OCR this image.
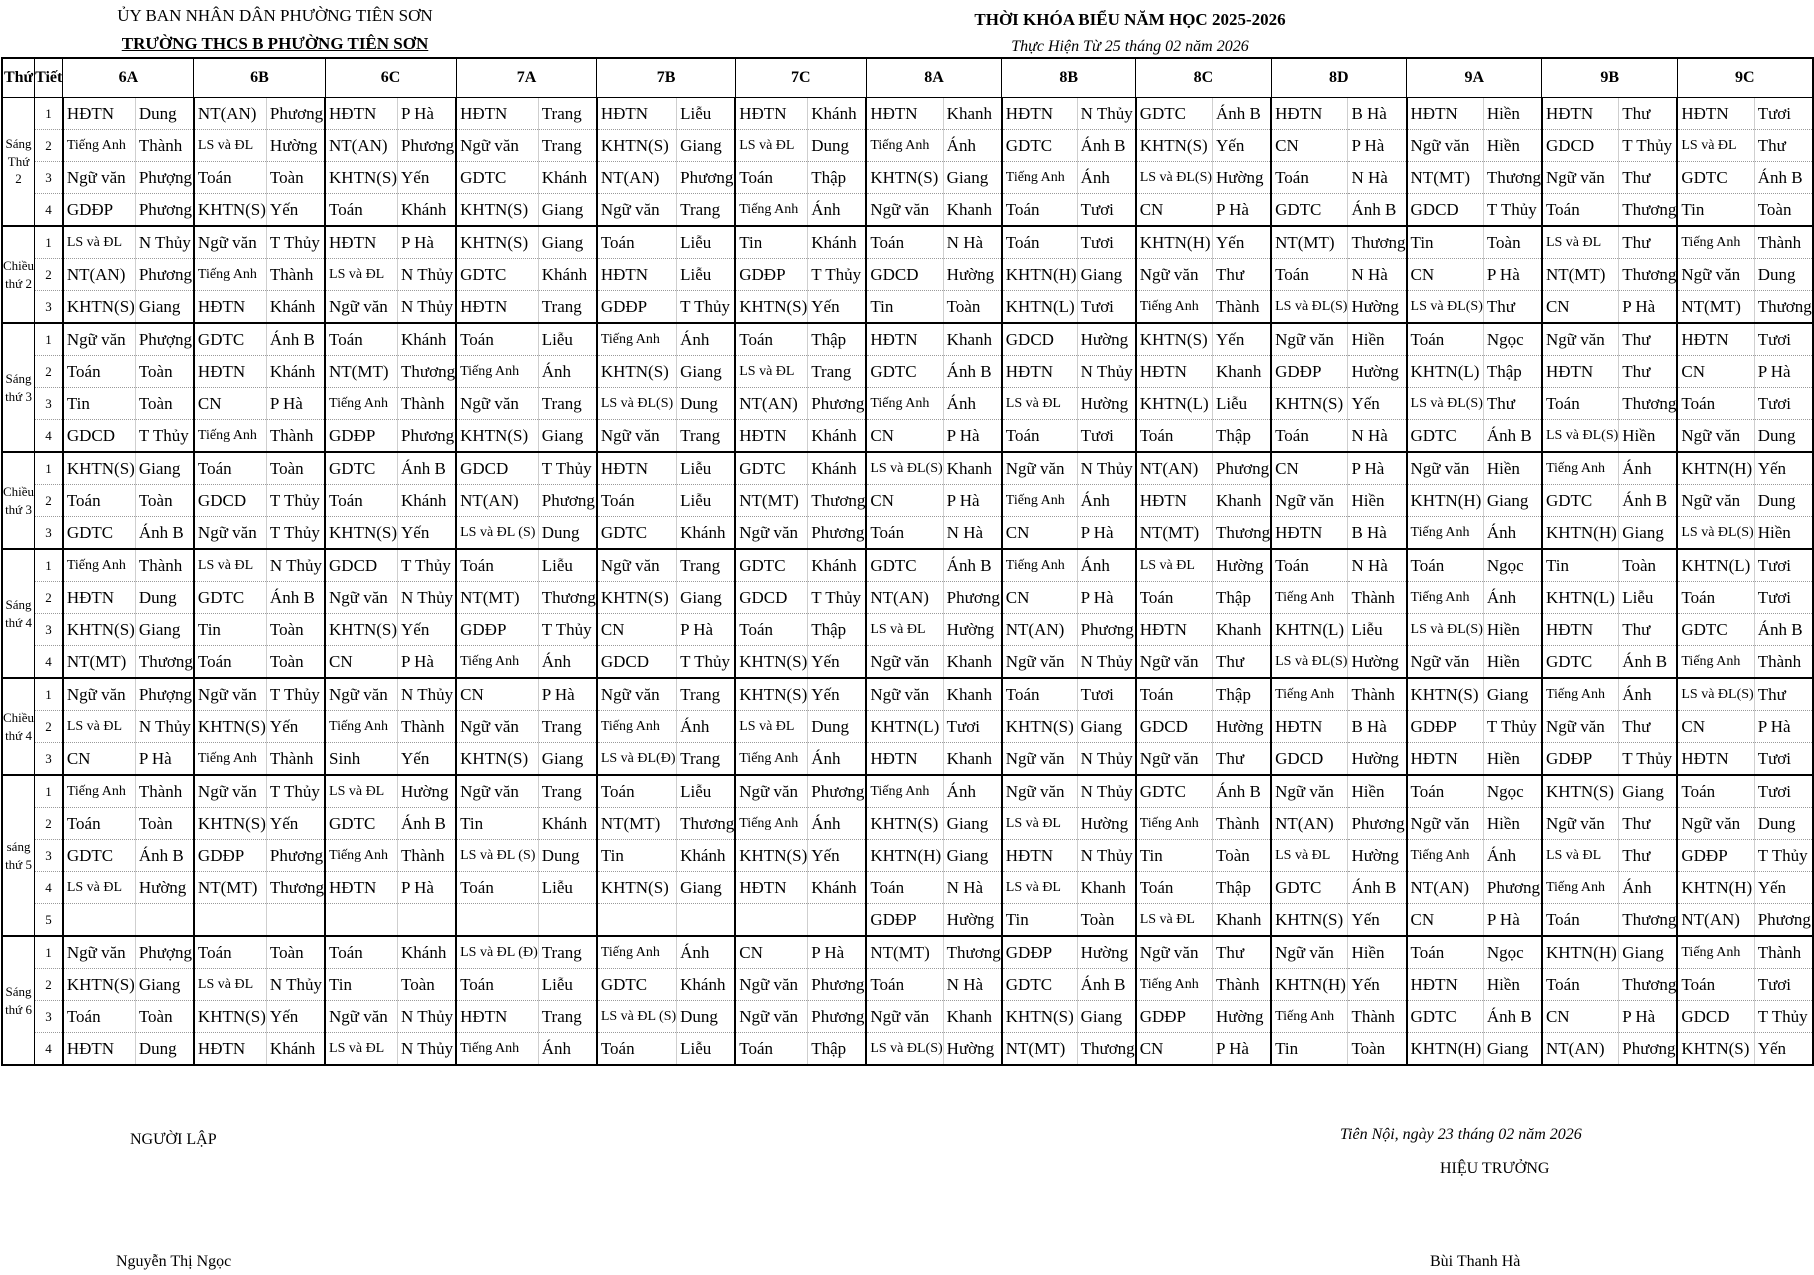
ỦY BAN NHÂN DÂN PHƯỜNG TIÊN SƠN
TRƯỜNG THCS B PHƯỜNG TIÊN SƠN
THỜI KHÓA BIỂU NĂM HỌC 2025-2026
Thực Hiện Từ 25 tháng 02 năm 2026
Thứ	Tiết	6A		6B		6C		7A		7B		7C		8A		8B		8C		8D		9A		9B		9C	
Sáng Thứ 2	1	HĐTN	Dung	NT(AN)	Phương	HĐTN	P Hà	HĐTN	Trang	HĐTN	Liễu	HĐTN	Khánh	HĐTN	Khanh	HĐTN	N Thủy	GDTC	Ánh B	HĐTN	B Hà	HĐTN	Hiền	HĐTN	Thư	HĐTN	Tươi
	2	Tiếng Anh	Thành	LS và ĐL	Hường	NT(AN)	Phương	Ngữ văn	Trang	KHTN(S)	Giang	LS và ĐL	Dung	Tiếng Anh	Ánh	GDTC	Ánh B	KHTN(S)	Yến	CN	P Hà	Ngữ văn	Hiền	GDCD	T Thủy	LS và ĐL	Thư
	3	Ngữ văn	Phượng	Toán	Toàn	KHTN(S)	Yến	GDTC	Khánh	NT(AN)	Phương	Toán	Thập	KHTN(S)	Giang	Tiếng Anh	Ánh	LS và ĐL(S)	Hường	Toán	N Hà	NT(MT)	Thương	Ngữ văn	Thư	GDTC	Ánh B
	4	GDĐP	Phương	KHTN(S)	Yến	Toán	Khánh	KHTN(S)	Giang	Ngữ văn	Trang	Tiếng Anh	Ánh	Ngữ văn	Khanh	Toán	Tươi	CN	P Hà	GDTC	Ánh B	GDCD	T Thủy	Toán	Thương	Tin	Toàn
Chiều thứ 2	1	LS và ĐL	N Thủy	Ngữ văn	T Thủy	HĐTN	P Hà	KHTN(S)	Giang	Toán	Liễu	Tin	Khánh	Toán	N Hà	Toán	Tươi	KHTN(H)	Yến	NT(MT)	Thương	Tin	Toàn	LS và ĐL	Thư	Tiếng Anh	Thành
	2	NT(AN)	Phương	Tiếng Anh	Thành	LS và ĐL	N Thủy	GDTC	Khánh	HĐTN	Liễu	GDĐP	T Thủy	GDCD	Hường	KHTN(H)	Giang	Ngữ văn	Thư	Toán	N Hà	CN	P Hà	NT(MT)	Thương	Ngữ văn	Dung
	3	KHTN(S)	Giang	HĐTN	Khánh	Ngữ văn	N Thủy	HĐTN	Trang	GDĐP	T Thủy	KHTN(S)	Yến	Tin	Toàn	KHTN(L)	Tươi	Tiếng Anh	Thành	LS và ĐL(S)	Hường	LS và ĐL(S)	Thư	CN	P Hà	NT(MT)	Thương
Sáng thứ 3	1	Ngữ văn	Phượng	GDTC	Ánh B	Toán	Khánh	Toán	Liễu	Tiếng Anh	Ánh	Toán	Thập	HĐTN	Khanh	GDCD	Hường	KHTN(S)	Yến	Ngữ văn	Hiền	Toán	Ngọc	Ngữ văn	Thư	HĐTN	Tươi
	2	Toán	Toàn	HĐTN	Khánh	NT(MT)	Thương	Tiếng Anh	Ánh	KHTN(S)	Giang	LS và ĐL	Trang	GDTC	Ánh B	HĐTN	N Thủy	HĐTN	Khanh	GDĐP	Hường	KHTN(L)	Thập	HĐTN	Thư	CN	P Hà
	3	Tin	Toàn	CN	P Hà	Tiếng Anh	Thành	Ngữ văn	Trang	LS và ĐL(S)	Dung	NT(AN)	Phương	Tiếng Anh	Ánh	LS và ĐL	Hường	KHTN(L)	Liễu	KHTN(S)	Yến	LS và ĐL(S)	Thư	Toán	Thương	Toán	Tươi
	4	GDCD	T Thủy	Tiếng Anh	Thành	GDĐP	Phương	KHTN(S)	Giang	Ngữ văn	Trang	HĐTN	Khánh	CN	P Hà	Toán	Tươi	Toán	Thập	Toán	N Hà	GDTC	Ánh B	LS và ĐL(S)	Hiền	Ngữ văn	Dung
Chiều thứ 3	1	KHTN(S)	Giang	Toán	Toàn	GDTC	Ánh B	GDCD	T Thủy	HĐTN	Liễu	GDTC	Khánh	LS và ĐL(S)	Khanh	Ngữ văn	N Thủy	NT(AN)	Phương	CN	P Hà	Ngữ văn	Hiền	Tiếng Anh	Ánh	KHTN(H)	Yến
	2	Toán	Toàn	GDCD	T Thủy	Toán	Khánh	NT(AN)	Phương	Toán	Liễu	NT(MT)	Thương	CN	P Hà	Tiếng Anh	Ánh	HĐTN	Khanh	Ngữ văn	Hiền	KHTN(H)	Giang	GDTC	Ánh B	Ngữ văn	Dung
	3	GDTC	Ánh B	Ngữ văn	T Thủy	KHTN(S)	Yến	LS và ĐL (S)	Dung	GDTC	Khánh	Ngữ văn	Phương	Toán	N Hà	CN	P Hà	NT(MT)	Thương	HĐTN	B Hà	Tiếng Anh	Ánh	KHTN(H)	Giang	LS và ĐL(S)	Hiền
Sáng thứ 4	1	Tiếng Anh	Thành	LS và ĐL	N Thủy	GDCD	T Thủy	Toán	Liễu	Ngữ văn	Trang	GDTC	Khánh	GDTC	Ánh B	Tiếng Anh	Ánh	LS và ĐL	Hường	Toán	N Hà	Toán	Ngọc	Tin	Toàn	KHTN(L)	Tươi
	2	HĐTN	Dung	GDTC	Ánh B	Ngữ văn	N Thủy	NT(MT)	Thương	KHTN(S)	Giang	GDCD	T Thủy	NT(AN)	Phương	CN	P Hà	Toán	Thập	Tiếng Anh	Thành	Tiếng Anh	Ánh	KHTN(L)	Liễu	Toán	Tươi
	3	KHTN(S)	Giang	Tin	Toàn	KHTN(S)	Yến	GDĐP	T Thủy	CN	P Hà	Toán	Thập	LS và ĐL	Hường	NT(AN)	Phương	HĐTN	Khanh	KHTN(L)	Liễu	LS và ĐL(S)	Hiền	HĐTN	Thư	GDTC	Ánh B
	4	NT(MT)	Thương	Toán	Toàn	CN	P Hà	Tiếng Anh	Ánh	GDCD	T Thủy	KHTN(S)	Yến	Ngữ văn	Khanh	Ngữ văn	N Thủy	Ngữ văn	Thư	LS và ĐL(S)	Hường	Ngữ văn	Hiền	GDTC	Ánh B	Tiếng Anh	Thành
Chiều thứ 4	1	Ngữ văn	Phượng	Ngữ văn	T Thủy	Ngữ văn	N Thủy	CN	P Hà	Ngữ văn	Trang	KHTN(S)	Yến	Ngữ văn	Khanh	Toán	Tươi	Toán	Thập	Tiếng Anh	Thành	KHTN(S)	Giang	Tiếng Anh	Ánh	LS và ĐL(S)	Thư
	2	LS và ĐL	N Thủy	KHTN(S)	Yến	Tiếng Anh	Thành	Ngữ văn	Trang	Tiếng Anh	Ánh	LS và ĐL	Dung	KHTN(L)	Tươi	KHTN(S)	Giang	GDCD	Hường	HĐTN	B Hà	GDĐP	T Thủy	Ngữ văn	Thư	CN	P Hà
	3	CN	P Hà	Tiếng Anh	Thành	Sinh	Yến	KHTN(S)	Giang	LS và ĐL(Đ)	Trang	Tiếng Anh	Ánh	HĐTN	Khanh	Ngữ văn	N Thủy	Ngữ văn	Thư	GDCD	Hường	HĐTN	Hiền	GDĐP	T Thủy	HĐTN	Tươi
sáng thứ 5	1	Tiếng Anh	Thành	Ngữ văn	T Thủy	LS và ĐL	Hường	Ngữ văn	Trang	Toán	Liễu	Ngữ văn	Phương	Tiếng Anh	Ánh	Ngữ văn	N Thủy	GDTC	Ánh B	Ngữ văn	Hiền	Toán	Ngọc	KHTN(S)	Giang	Toán	Tươi
	2	Toán	Toàn	KHTN(S)	Yến	GDTC	Ánh B	Tin	Khánh	NT(MT)	Thương	Tiếng Anh	Ánh	KHTN(S)	Giang	LS và ĐL	Hường	Tiếng Anh	Thành	NT(AN)	Phương	Ngữ văn	Hiền	Ngữ văn	Thư	Ngữ văn	Dung
	3	GDTC	Ánh B	GDĐP	Phương	Tiếng Anh	Thành	LS và ĐL (S)	Dung	Tin	Khánh	KHTN(S)	Yến	KHTN(H)	Giang	HĐTN	N Thủy	Tin	Toàn	LS và ĐL	Hường	Tiếng Anh	Ánh	LS và ĐL	Thư	GDĐP	T Thủy
	4	LS và ĐL	Hường	NT(MT)	Thương	HĐTN	P Hà	Toán	Liễu	KHTN(S)	Giang	HĐTN	Khánh	Toán	N Hà	LS và ĐL	Khanh	Toán	Thập	GDTC	Ánh B	NT(AN)	Phương	Tiếng Anh	Ánh	KHTN(H)	Yến
	5													GDĐP	Hường	Tin	Toàn	LS và ĐL	Khanh	KHTN(S)	Yến	CN	P Hà	Toán	Thương	NT(AN)	Phương
Sáng thứ 6	1	Ngữ văn	Phượng	Toán	Toàn	Toán	Khánh	LS và ĐL (Đ)	Trang	Tiếng Anh	Ánh	CN	P Hà	NT(MT)	Thương	GDĐP	Hường	Ngữ văn	Thư	Ngữ văn	Hiền	Toán	Ngọc	KHTN(H)	Giang	Tiếng Anh	Thành
	2	KHTN(S)	Giang	LS và ĐL	N Thủy	Tin	Toàn	Toán	Liễu	GDTC	Khánh	Ngữ văn	Phương	Toán	N Hà	GDTC	Ánh B	Tiếng Anh	Thành	KHTN(H)	Yến	HĐTN	Hiền	Toán	Thương	Toán	Tươi
	3	Toán	Toàn	KHTN(S)	Yến	Ngữ văn	N Thủy	HĐTN	Trang	LS và ĐL (S)	Dung	Ngữ văn	Phương	Ngữ văn	Khanh	KHTN(S)	Giang	GDĐP	Hường	Tiếng Anh	Thành	GDTC	Ánh B	CN	P Hà	GDCD	T Thủy
	4	HĐTN	Dung	HĐTN	Khánh	LS và ĐL	N Thủy	Tiếng Anh	Ánh	Toán	Liễu	Toán	Thập	LS và ĐL(S)	Hường	NT(MT)	Thương	CN	P Hà	Tin	Toàn	KHTN(H)	Giang	NT(AN)	Phương	KHTN(S)	Yến
NGƯỜI LẬP	Tiên Nội, ngày 23 tháng 02 năm 2026
HIỆU TRƯỞNG
Nguyễn Thị Ngọc	Bùi Thanh Hà
